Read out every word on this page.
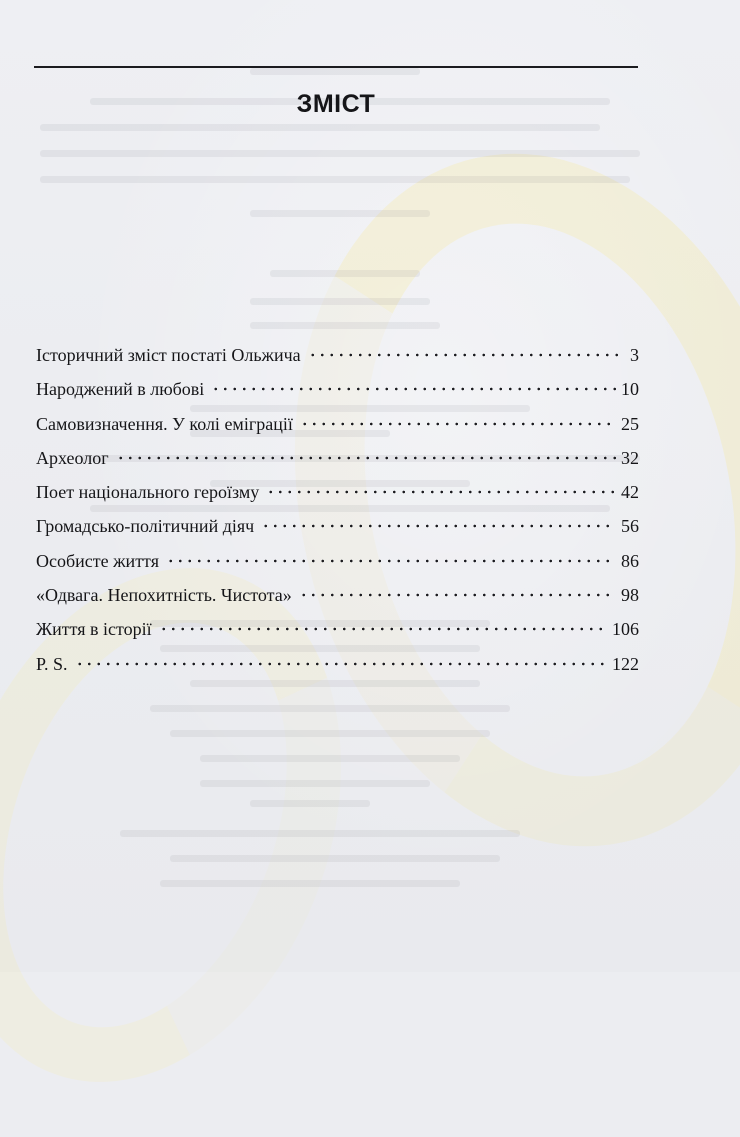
ЗМІСТ
Історичний зміст постаті Ольжича	3
Народжений в любові	10
Самовизначення. У колі еміграції	25
Археолог	32
Поет національного героїзму	42
Громадсько-політичний діяч	56
Особисте життя	86
«Одвага. Непохитність. Чистота»	98
Життя в історії	106
P. S.	122
